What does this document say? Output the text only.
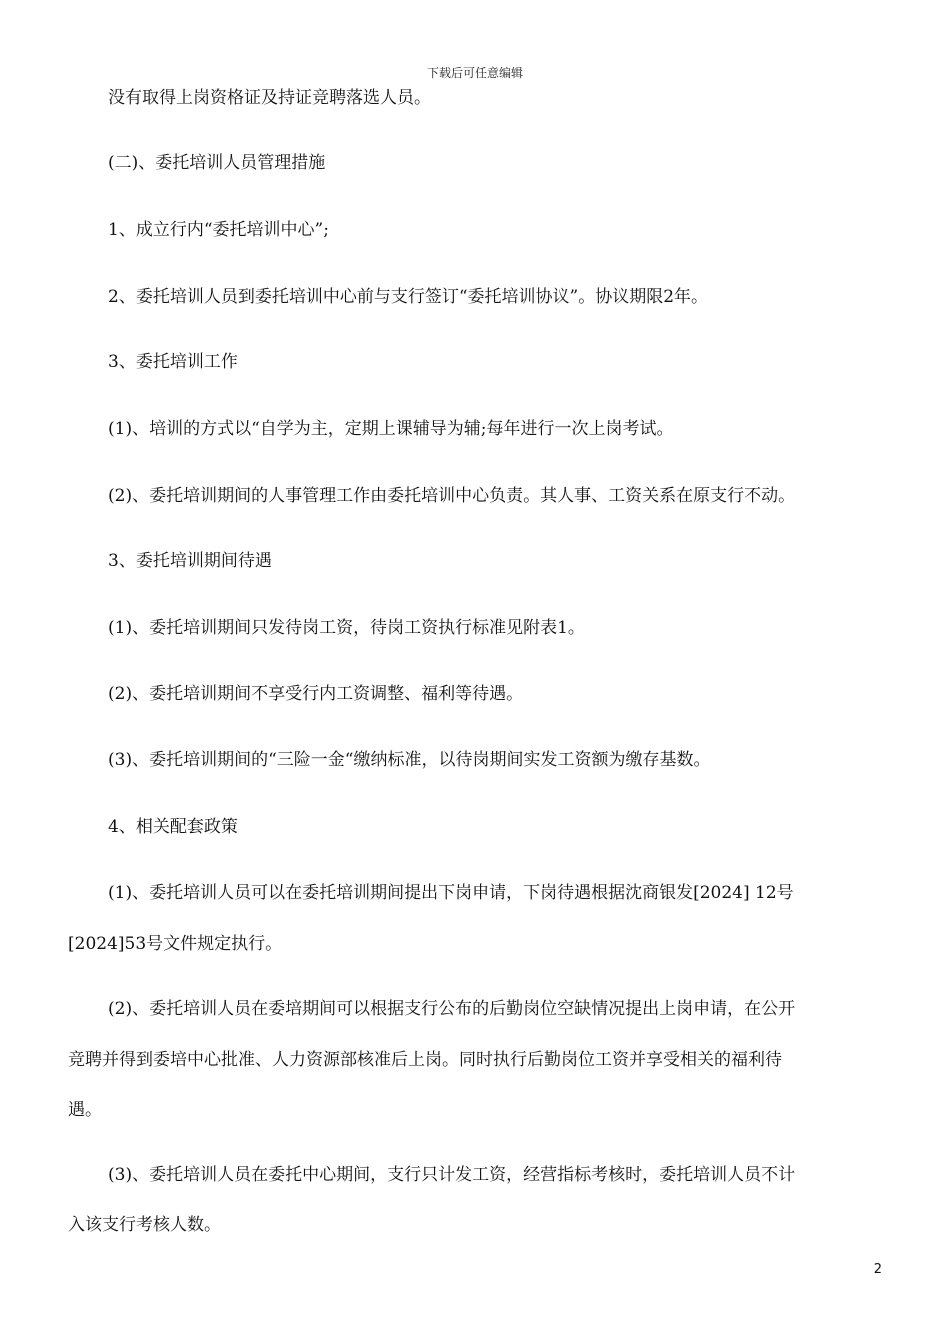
下载后可任意编辑
没有取得上岗资格证及持证竞聘落选人员。
(二)、委托培训人员管理措施
1、成立行内“委托培训中心”;
2、委托培训人员到委托培训中心前与支行签订“委托培训协议”。协议期限2年。
3、委托培训工作
(1)、培训的方式以“自学为主，定期上课辅导为辅;每年进行一次上岗考试。
(2)、委托培训期间的人事管理工作由委托培训中心负责。其人事、工资关系在原支行不动。
3、委托培训期间待遇
(1)、委托培训期间只发待岗工资，待岗工资执行标准见附表1。
(2)、委托培训期间不享受行内工资调整、福利等待遇。
(3)、委托培训期间的“三险一金“缴纳标准，以待岗期间实发工资额为缴存基数。
4、相关配套政策
(1)、委托培训人员可以在委托培训期间提出下岗申请，下岗待遇根据沈商银发[2024] 12号
[2024]53号文件规定执行。
(2)、委托培训人员在委培期间可以根据支行公布的后勤岗位空缺情况提出上岗申请，在公开
竞聘并得到委培中心批准、人力资源部核准后上岗。同时执行后勤岗位工资并享受相关的福利待
遇。
(3)、委托培训人员在委托中心期间，支行只计发工资，经营指标考核时，委托培训人员不计
入该支行考核人数。
2
